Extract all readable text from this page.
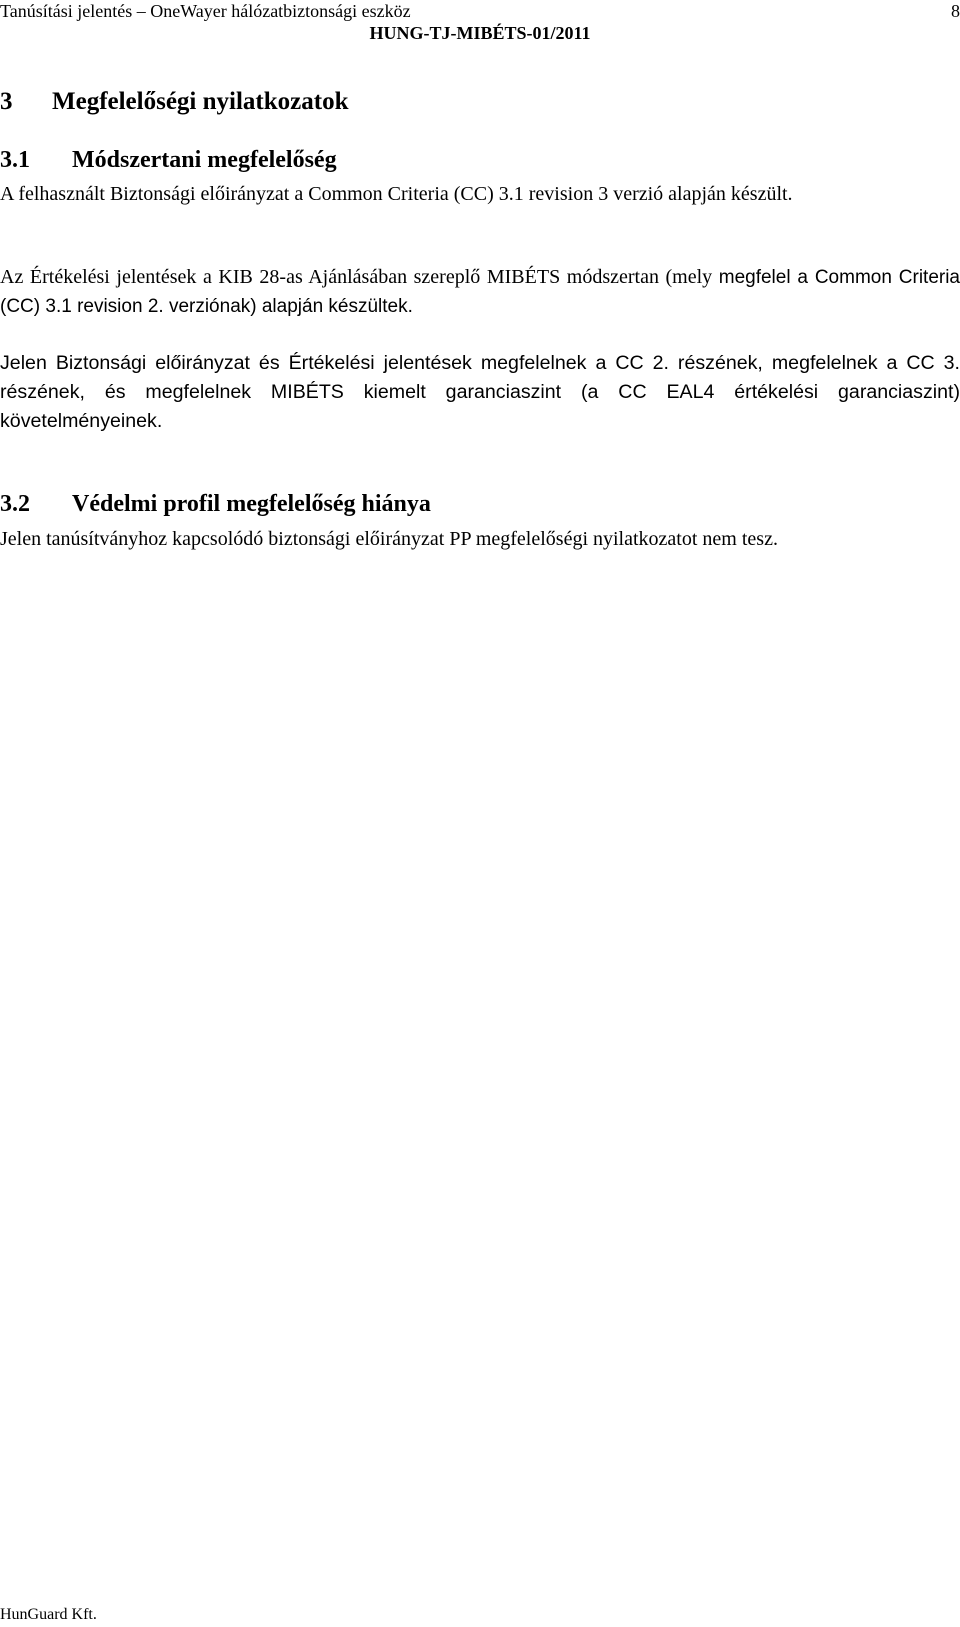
Tanúsítási jelentés – OneWayer hálózatbiztonsági eszköz	8
HUNG-TJ-MIBÉTS-01/2011
3 Megfelelőségi nyilatkozatok
3.1 Módszertani megfelelőség
A felhasznált Biztonsági előirányzat a Common Criteria (CC) 3.1 revision 3 verzió alapján készült.
Az Értékelési jelentések a KIB 28-as Ajánlásában szereplő MIBÉTS módszertan (mely megfelel a Common Criteria (CC) 3.1 revision 2. verziónak) alapján készültek.
Jelen Biztonsági előirányzat és Értékelési jelentések megfelelnek a CC 2. részének, megfelelnek a CC 3. részének, és megfelelnek MIBÉTS kiemelt garanciaszint (a CC EAL4 értékelési garanciaszint) követelményeinek.
3.2 Védelmi profil megfelelőség hiánya
Jelen tanúsítványhoz kapcsolódó biztonsági előirányzat PP megfelelőségi nyilatkozatot nem tesz.
HunGuard Kft.
